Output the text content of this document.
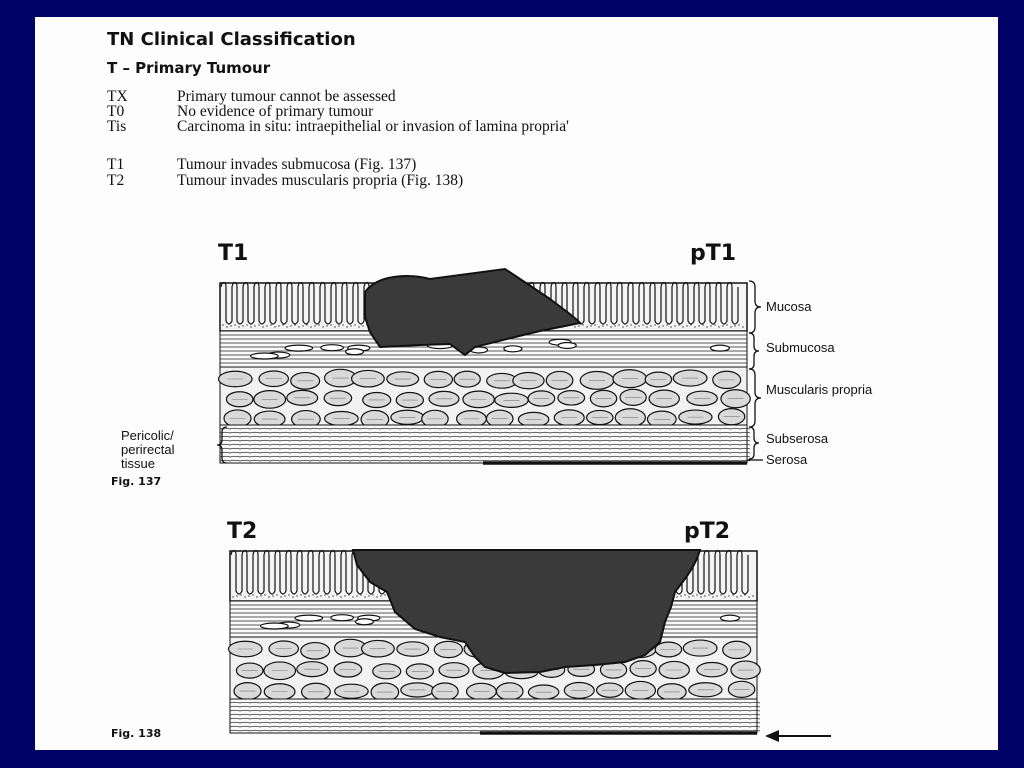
TN Clinical Classification
T – Primary Tumour
TX	Primary tumour cannot be assessed
T0	No evidence of primary tumour
Tis	Carcinoma in situ: intraepithelial or invasion of lamina propria'
T1	Tumour invades submucosa (Fig. 137)
T2	Tumour invades muscularis propria (Fig. 138)
T1	pT1
Mucosa
Submucosa
Muscularis propria
Subserosa
Serosa
Pericolic/
perirectal
tissue
Fig. 137
T2	pT2
Fig. 138
